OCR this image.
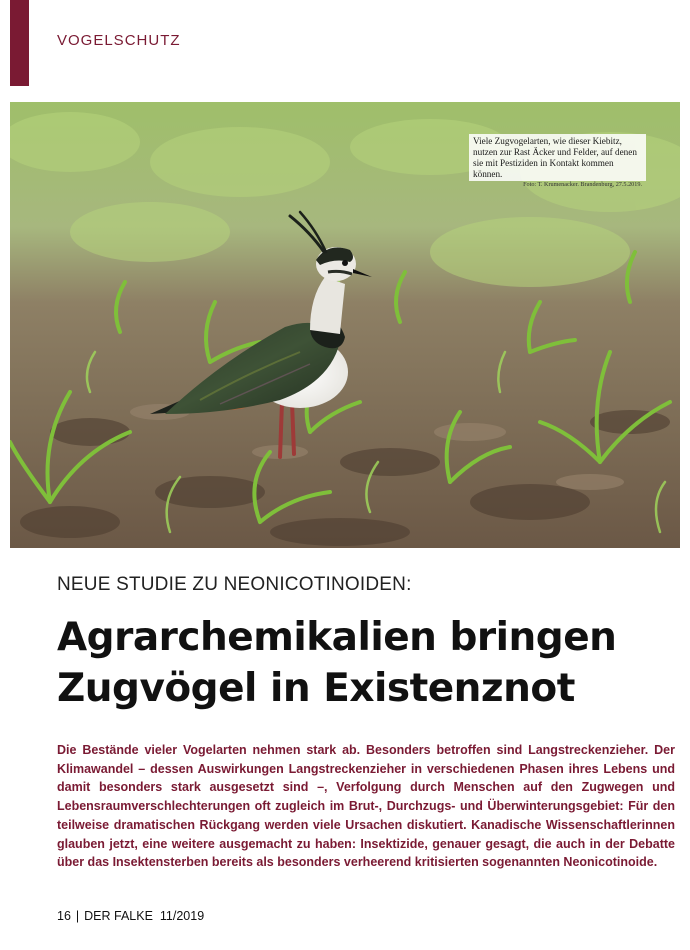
VOGELSCHUTZ
Viele Zugvogelarten, wie dieser Kiebitz, nutzen zur Rast Äcker und Felder, auf denen sie mit Pestiziden in Kontakt kommen können.
Foto: T. Krumenacker. Brandenburg, 27.5.2019.
NEUE STUDIE ZU NEONICOTINOIDEN:
Agrarchemikalien bringen
Zugvögel in Existenznot

Die Bestände vieler Vogelarten nehmen stark ab. Besonders betroffen sind Langstreckenzieher. Der Klimawandel – dessen Auswirkungen Langstreckenzieher in verschiedenen Phasen ihres Lebens und damit besonders stark ausgesetzt sind –, Verfolgung durch Menschen auf den Zugwegen und Lebensraumverschlechterungen oft zugleich im Brut-, Durchzugs- und Überwinterungsgebiet: Für den teilweise dramatischen Rückgang werden viele Ursachen diskutiert. Kanadische Wissenschaftlerinnen glauben jetzt, eine weitere ausgemacht zu haben: Insektizide, genauer gesagt, die auch in der Debatte über das Insektensterben bereits als besonders verheerend kritisierten sogenannten Neonicotinoide.

16 | DER FALKE 11/2019
